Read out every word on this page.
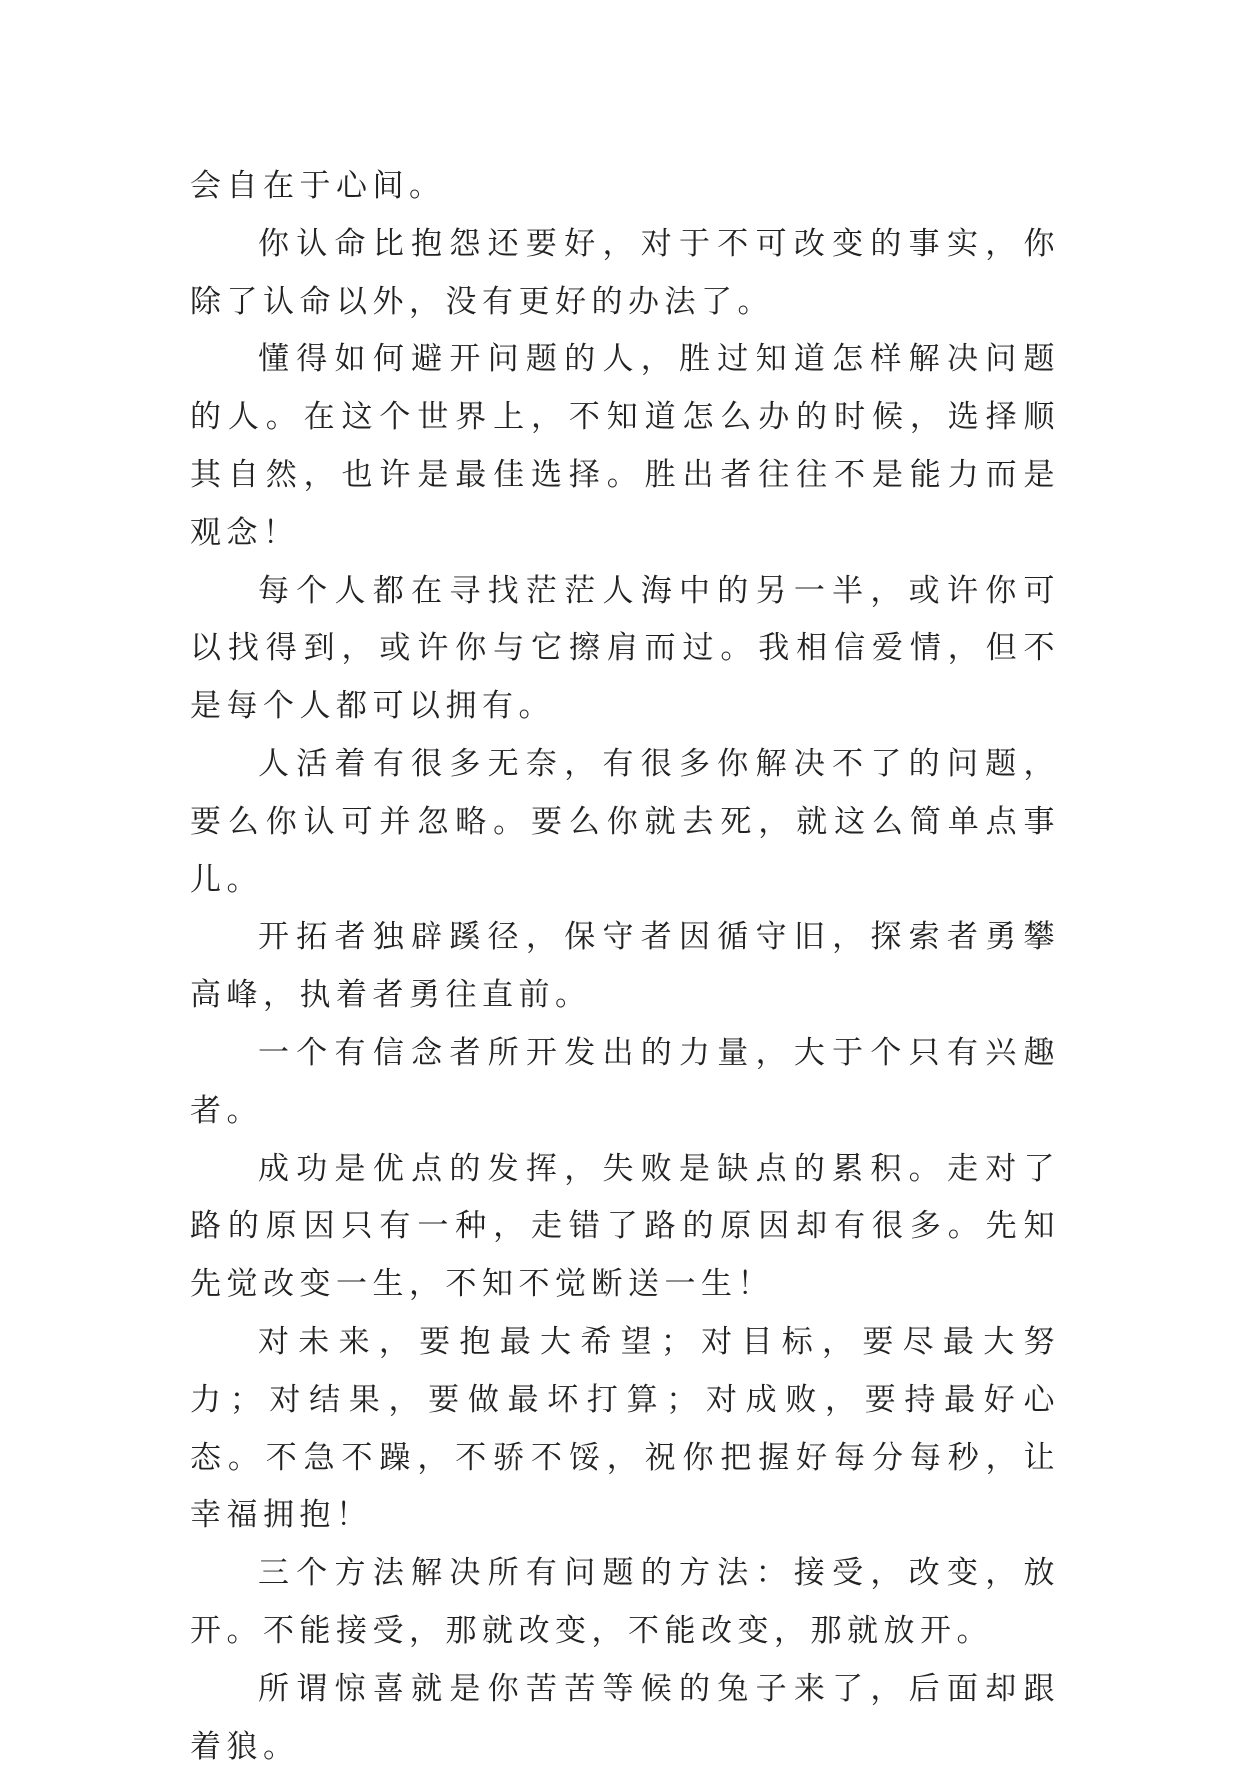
会自在于心间。

你认命比抱怨还要好，对于不可改变的事实，你除了认命以外，没有更好的办法了。

懂得如何避开问题的人，胜过知道怎样解决问题的人。在这个世界上，不知道怎么办的时候，选择顺其自然，也许是最佳选择。胜出者往往不是能力而是观念！

每个人都在寻找茫茫人海中的另一半，或许你可以找得到，或许你与它擦肩而过。我相信爱情，但不是每个人都可以拥有。

人活着有很多无奈，有很多你解决不了的问题，要么你认可并忽略。要么你就去死，就这么简单点事儿。

开拓者独辟蹊径，保守者因循守旧，探索者勇攀高峰，执着者勇往直前。

一个有信念者所开发出的力量，大于个只有兴趣者。

成功是优点的发挥，失败是缺点的累积。走对了路的原因只有一种，走错了路的原因却有很多。先知先觉改变一生，不知不觉断送一生！

对未来，要抱最大希望；对目标，要尽最大努力；对结果，要做最坏打算；对成败，要持最好心态。不急不躁，不骄不馁，祝你把握好每分每秒，让幸福拥抱！

三个方法解决所有问题的方法：接受，改变，放开。不能接受，那就改变，不能改变，那就放开。

所谓惊喜就是你苦苦等候的兔子来了，后面却跟着狼。
